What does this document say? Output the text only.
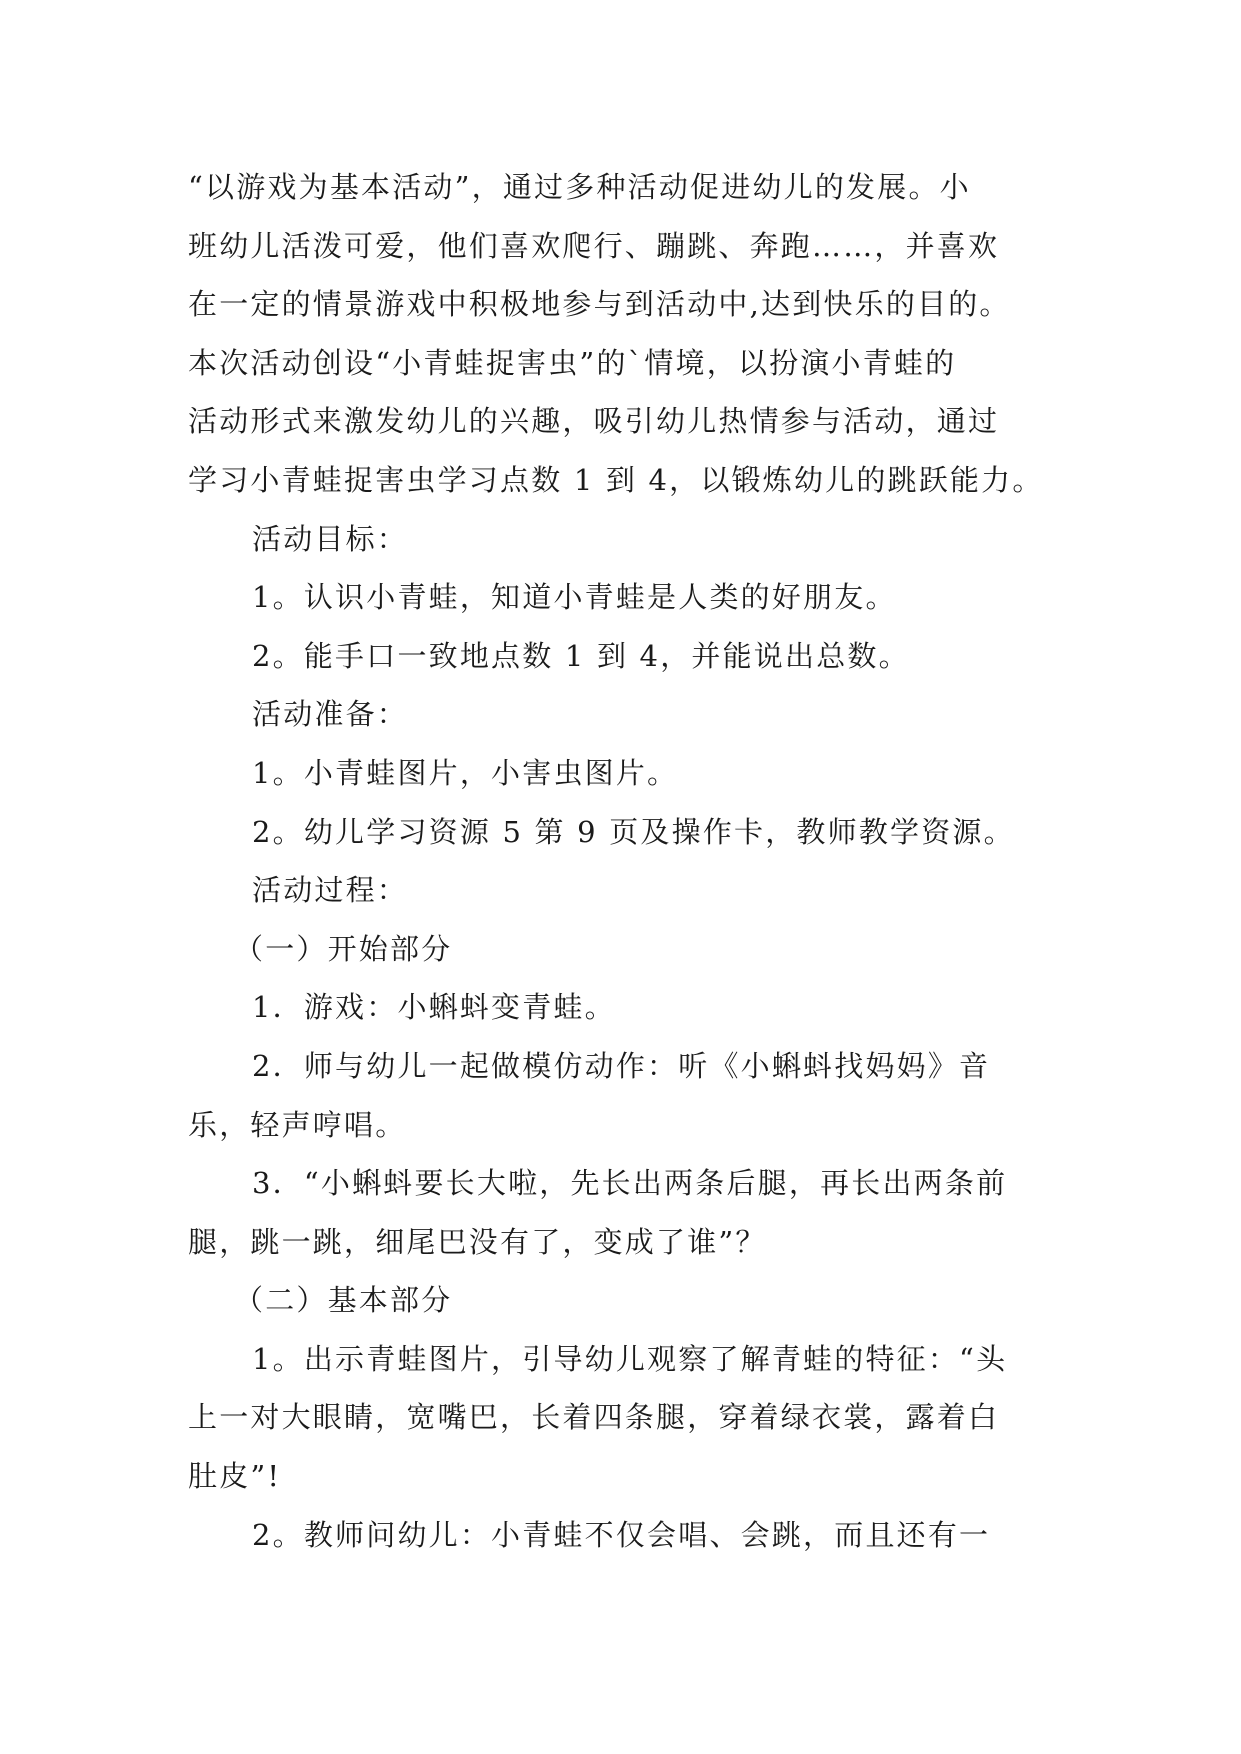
“以游戏为基本活动”，通过多种活动促进幼儿的发展。小
班幼儿活泼可爱，他们喜欢爬行、蹦跳、奔跑……，并喜欢
在一定的情景游戏中积极地参与到活动中,达到快乐的目的。
本次活动创设“小青蛙捉害虫”的`情境，以扮演小青蛙的
活动形式来激发幼儿的兴趣，吸引幼儿热情参与活动，通过
学习小青蛙捉害虫学习点数 1 到 4，以锻炼幼儿的跳跃能力。
活动目标：
1。认识小青蛙，知道小青蛙是人类的好朋友。
2。能手口一致地点数 1 到 4，并能说出总数。
活动准备：
1。小青蛙图片，小害虫图片。
2。幼儿学习资源 5 第 9 页及操作卡，教师教学资源。
活动过程：
（一）开始部分
1．游戏：小蝌蚪变青蛙。
2．师与幼儿一起做模仿动作：听《小蝌蚪找妈妈》音
乐，轻声哼唱。
3．“小蝌蚪要长大啦，先长出两条后腿，再长出两条前
腿，跳一跳，细尾巴没有了，变成了谁”？
（二）基本部分
1。出示青蛙图片，引导幼儿观察了解青蛙的特征：“头
上一对大眼睛，宽嘴巴，长着四条腿，穿着绿衣裳，露着白
肚皮”!
2。教师问幼儿：小青蛙不仅会唱、会跳，而且还有一
